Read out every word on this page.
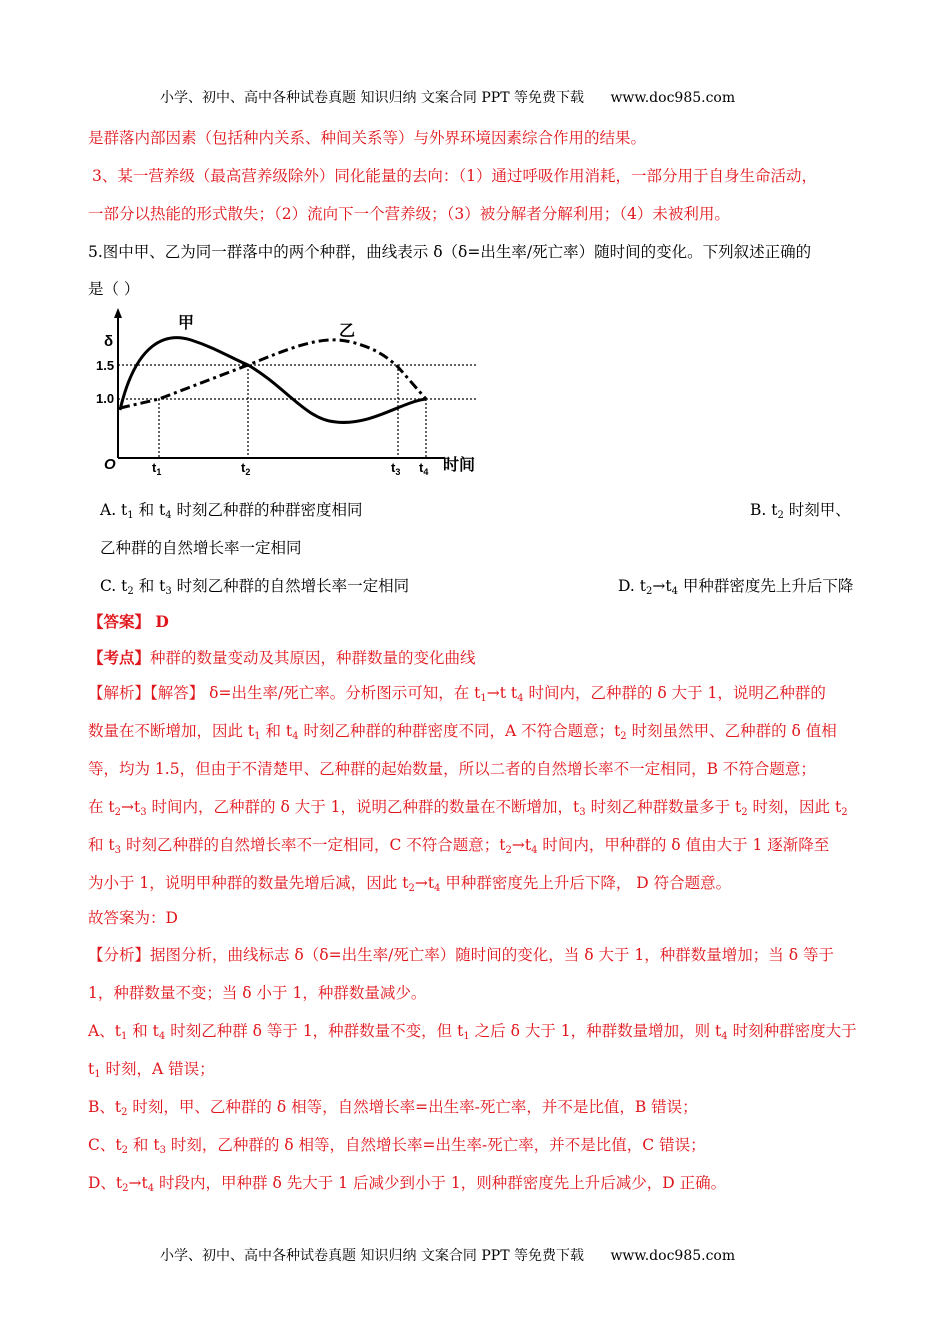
小学、初中、高中各种试卷真题 知识归纳 文案合同 PPT 等免费下载 www.doc985.com
是群落内部因素（包括种内关系、种间关系等）与外界环境因素综合作用的结果。
3、某一营养级（最高营养级除外）同化能量的去向：（1）通过呼吸作用消耗，一部分用于自身生命活动，
一部分以热能的形式散失；（2）流向下一个营养级；（3）被分解者分解利用；（4）未被利用。
5.图中甲、乙为同一群落中的两个种群，曲线表示 δ（δ=出生率/死亡率）随时间的变化。下列叙述正确的
是（ ）
δ
1.5
1.0
O	$t_1$	$t_2$	$t_3$ $t_4$ 时间
甲	乙
A. $t_1$ 和 $t_4$ 时刻乙种群的种群密度相同	B. $t_2$ 时刻甲、
乙种群的自然增长率一定相同
C. $t_2$ 和 $t_3$ 时刻乙种群的自然增长率一定相同	D. $t_2\to t_4$ 甲种群密度先上升后下降
【答案】 D
【考点】种群的数量变动及其原因，种群数量的变化曲线
【解析】【解答】 δ=出生率/死亡率。分析图示可知，在 $t_1\to t$ $t_4$ 时间内，乙种群的 δ 大于 1，说明乙种群的
数量在不断增加，因此 $t_1$ 和 $t_4$ 时刻乙种群的种群密度不同，A 不符合题意；$t_2$ 时刻虽然甲、乙种群的 δ 值相
等，均为 1.5，但由于不清楚甲、乙种群的起始数量，所以二者的自然增长率不一定相同，B 不符合题意；
在 $t_2\to t_3$ 时间内，乙种群的 δ 大于 1，说明乙种群的数量在不断增加，$t_3$ 时刻乙种群数量多于 $t_2$ 时刻，因此 $t_2$
和 $t_3$ 时刻乙种群的自然增长率不一定相同，C 不符合题意；$t_2\to t_4$ 时间内，甲种群的 δ 值由大于 1 逐渐降至
为小于 1，说明甲种群的数量先增后减，因此 $t_2\to t_4$ 甲种群密度先上升后下降， D 符合题意。
故答案为：D
【分析】据图分析，曲线标志 δ（δ=出生率/死亡率）随时间的变化，当 δ 大于 1，种群数量增加；当 δ 等于
1，种群数量不变；当 δ 小于 1，种群数量减少。
A、$t_1$ 和 $t_4$ 时刻乙种群 δ 等于 1，种群数量不变，但 $t_1$ 之后 δ 大于 1，种群数量增加，则 $t_4$ 时刻种群密度大于
$t_1$ 时刻，A 错误；
B、$t_2$ 时刻，甲、乙种群的 δ 相等，自然增长率=出生率-死亡率，并不是比值，B 错误；
C、$t_2$ 和 $t_3$ 时刻，乙种群的 δ 相等，自然增长率=出生率-死亡率，并不是比值，C 错误；
D、$t_2\to t_4$ 时段内，甲种群 δ 先大于 1 后减少到小于 1，则种群密度先上升后减少，D 正确。
小学、初中、高中各种试卷真题 知识归纳 文案合同 PPT 等免费下载 www.doc985.com
